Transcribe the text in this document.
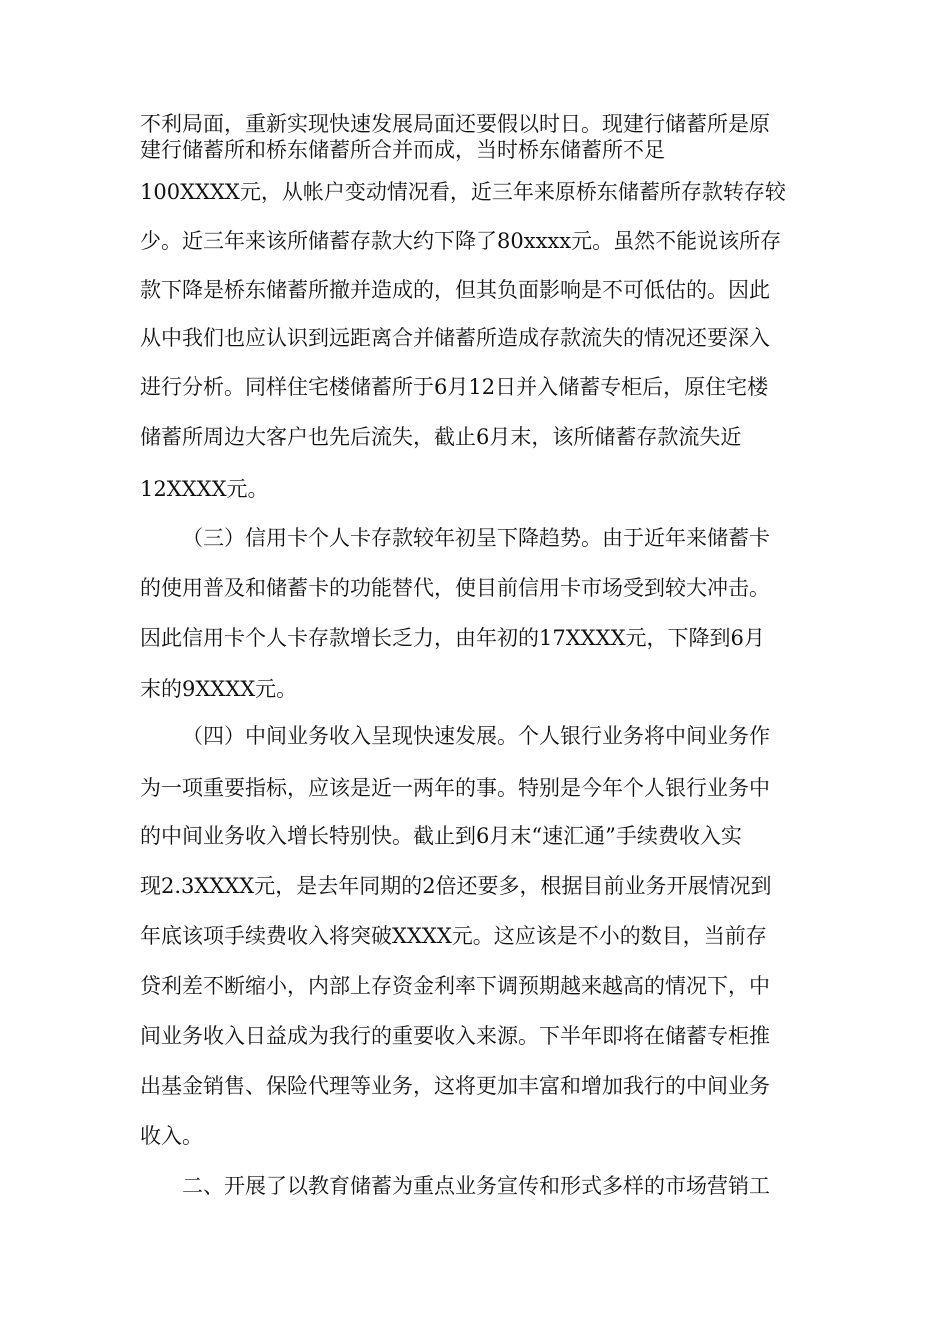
不利局面，重新实现快速发展局面还要假以时日。现建行储蓄所是原
建行储蓄所和桥东储蓄所合并而成，当时桥东储蓄所不足
100XXXX元，从帐户变动情况看，近三年来原桥东储蓄所存款转存较
少。近三年来该所储蓄存款大约下降了80xxxx元。虽然不能说该所存
款下降是桥东储蓄所撤并造成的，但其负面影响是不可低估的。因此
从中我们也应认识到远距离合并储蓄所造成存款流失的情况还要深入
进行分析。同样住宅楼储蓄所于6月12日并入储蓄专柜后，原住宅楼
储蓄所周边大客户也先后流失，截止6月末，该所储蓄存款流失近
12XXXX元。
（三）信用卡个人卡存款较年初呈下降趋势。由于近年来储蓄卡
的使用普及和储蓄卡的功能替代，使目前信用卡市场受到较大冲击。
因此信用卡个人卡存款增长乏力，由年初的17XXXX元，下降到6月
末的9XXXX元。
（四）中间业务收入呈现快速发展。个人银行业务将中间业务作
为一项重要指标，应该是近一两年的事。特别是今年个人银行业务中
的中间业务收入增长特别快。截止到6月末“速汇通”手续费收入实
现2.3XXXX元，是去年同期的2倍还要多，根据目前业务开展情况到
年底该项手续费收入将突破XXXX元。这应该是不小的数目，当前存
贷利差不断缩小，内部上存资金利率下调预期越来越高的情况下，中
间业务收入日益成为我行的重要收入来源。下半年即将在储蓄专柜推
出基金销售、保险代理等业务，这将更加丰富和增加我行的中间业务
收入。
二、开展了以教育储蓄为重点业务宣传和形式多样的市场营销工
